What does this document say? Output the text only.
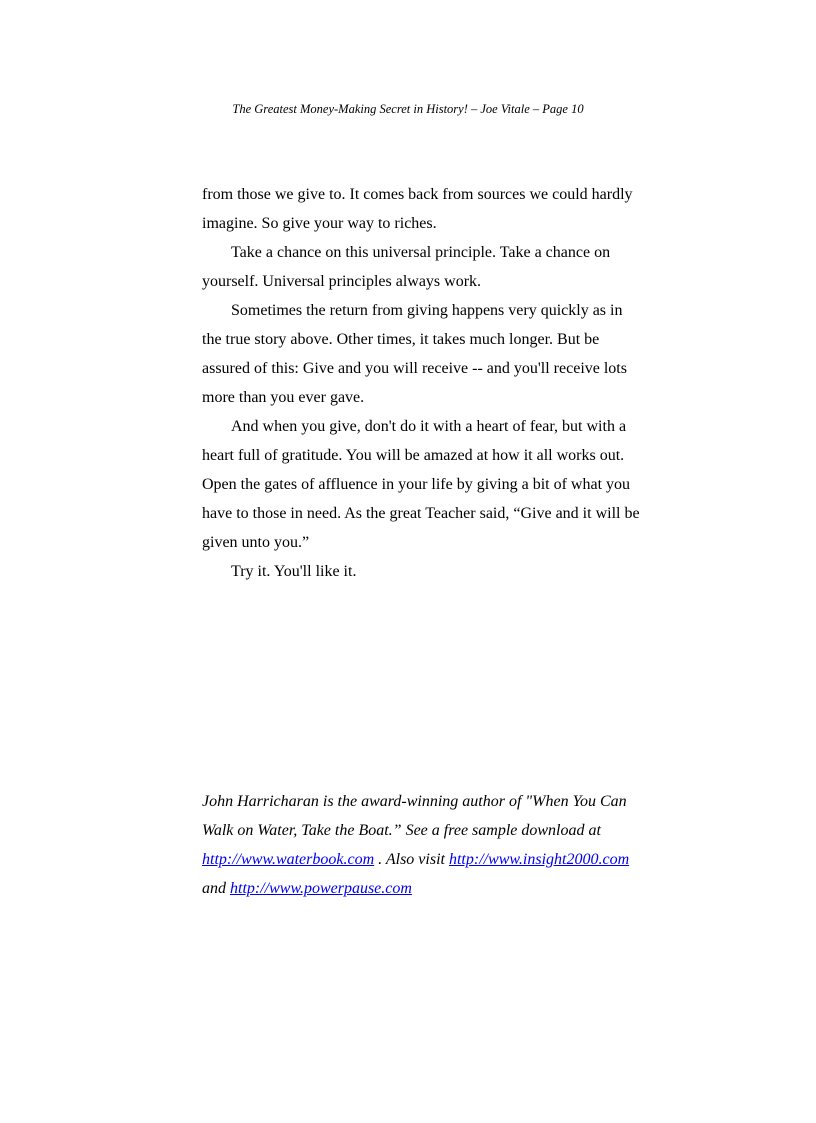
The Greatest Money-Making Secret in History! – Joe Vitale – Page 10

from those we give to. It comes back from sources we could hardly

imagine. So give your way to riches.

Take a chance on this universal principle. Take a chance on

yourself. Universal principles always work.

Sometimes the return from giving happens very quickly as in

the true story above. Other times, it takes much longer. But be

assured of this: Give and you will receive -- and you'll receive lots

more than you ever gave.

And when you give, don't do it with a heart of fear, but with a

heart full of gratitude. You will be amazed at how it all works out.

Open the gates of affluence in your life by giving a bit of what you

have to those in need. As the great Teacher said, “Give and it will be

given unto you.”

Try it. You'll like it.

John Harricharan is the award-winning author of "When You Can

Walk on Water, Take the Boat.” See a free sample download at

http://www.waterbook.com . Also visit http://www.insight2000.com

and http://www.powerpause.com
